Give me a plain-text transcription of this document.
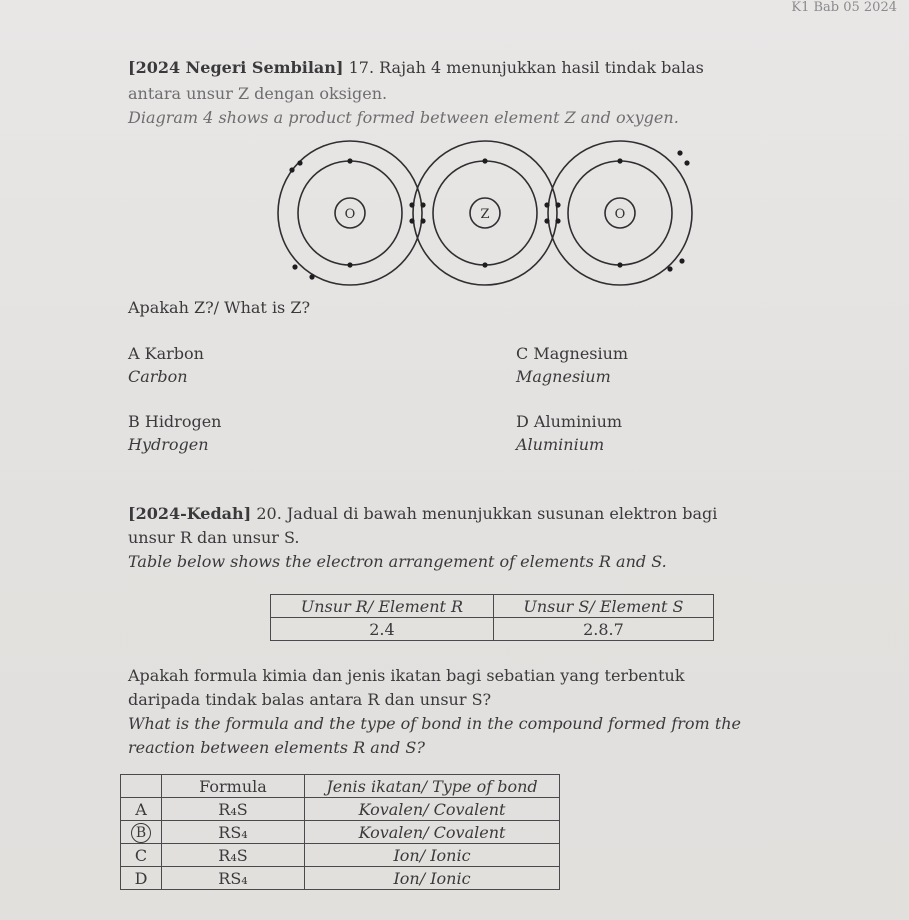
K1 Bab 05 2024
[2024 Negeri Sembilan] 17. Rajah 4 menunjukkan hasil tindak balas
antara unsur Z dengan oksigen.
Diagram 4 shows a product formed between element Z and oxygen.
O	Z	O
Apakah Z?/ What is Z?
A Karbon
Carbon
C Magnesium
Magnesium
B Hidrogen
Hydrogen
D Aluminium
Aluminium
[2024-Kedah] 20. Jadual di bawah menunjukkan susunan elektron bagi
unsur R dan unsur S.
Table below shows the electron arrangement of elements R and S.
Unsur R/ Element R	Unsur S/ Element S
2.4	2.8.7
Apakah formula kimia dan jenis ikatan bagi sebatian yang terbentuk
daripada tindak balas antara R dan unsur S?
What is the formula and the type of bond in the compound formed from the
reaction between elements R and S?
	Formula	Jenis ikatan/ Type of bond
A	R₄S	Kovalen/ Covalent
B	RS₄	Kovalen/ Covalent
C	R₄S	Ion/ Ionic
D	RS₄	Ion/ Ionic
